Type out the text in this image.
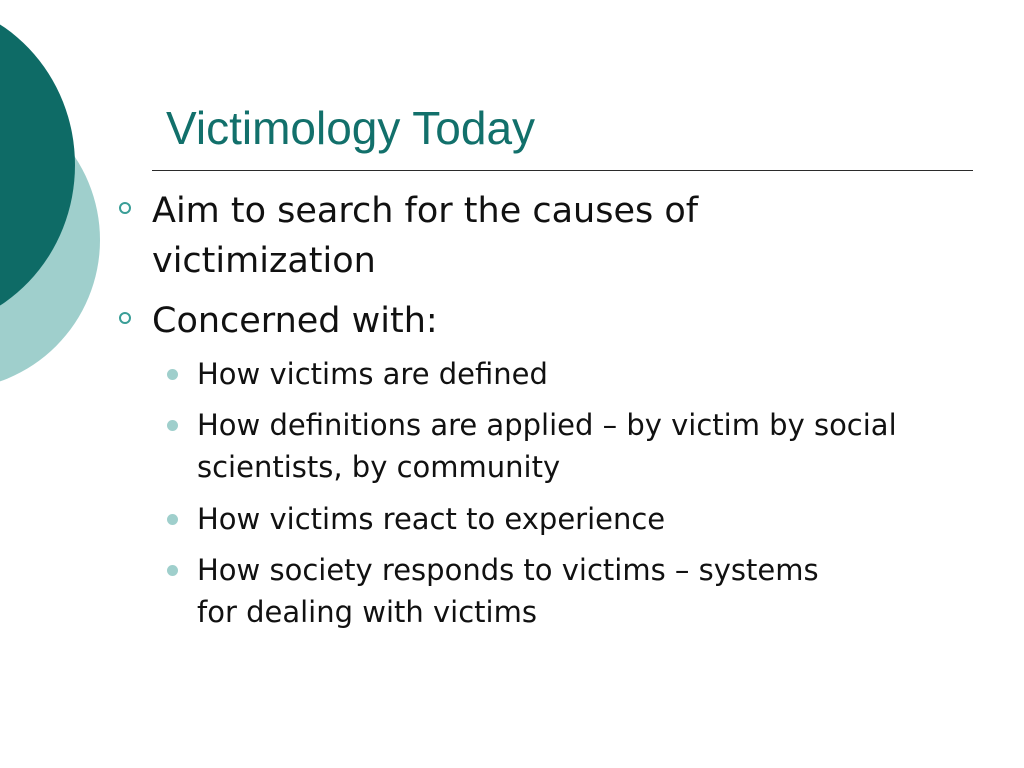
Victimology Today
Aim to search for the causes of victimization
Concerned with:
How victims are defined
How definitions are applied – by victim by social scientists, by community
How victims react to experience
How society responds to victims – systems for dealing with victims
